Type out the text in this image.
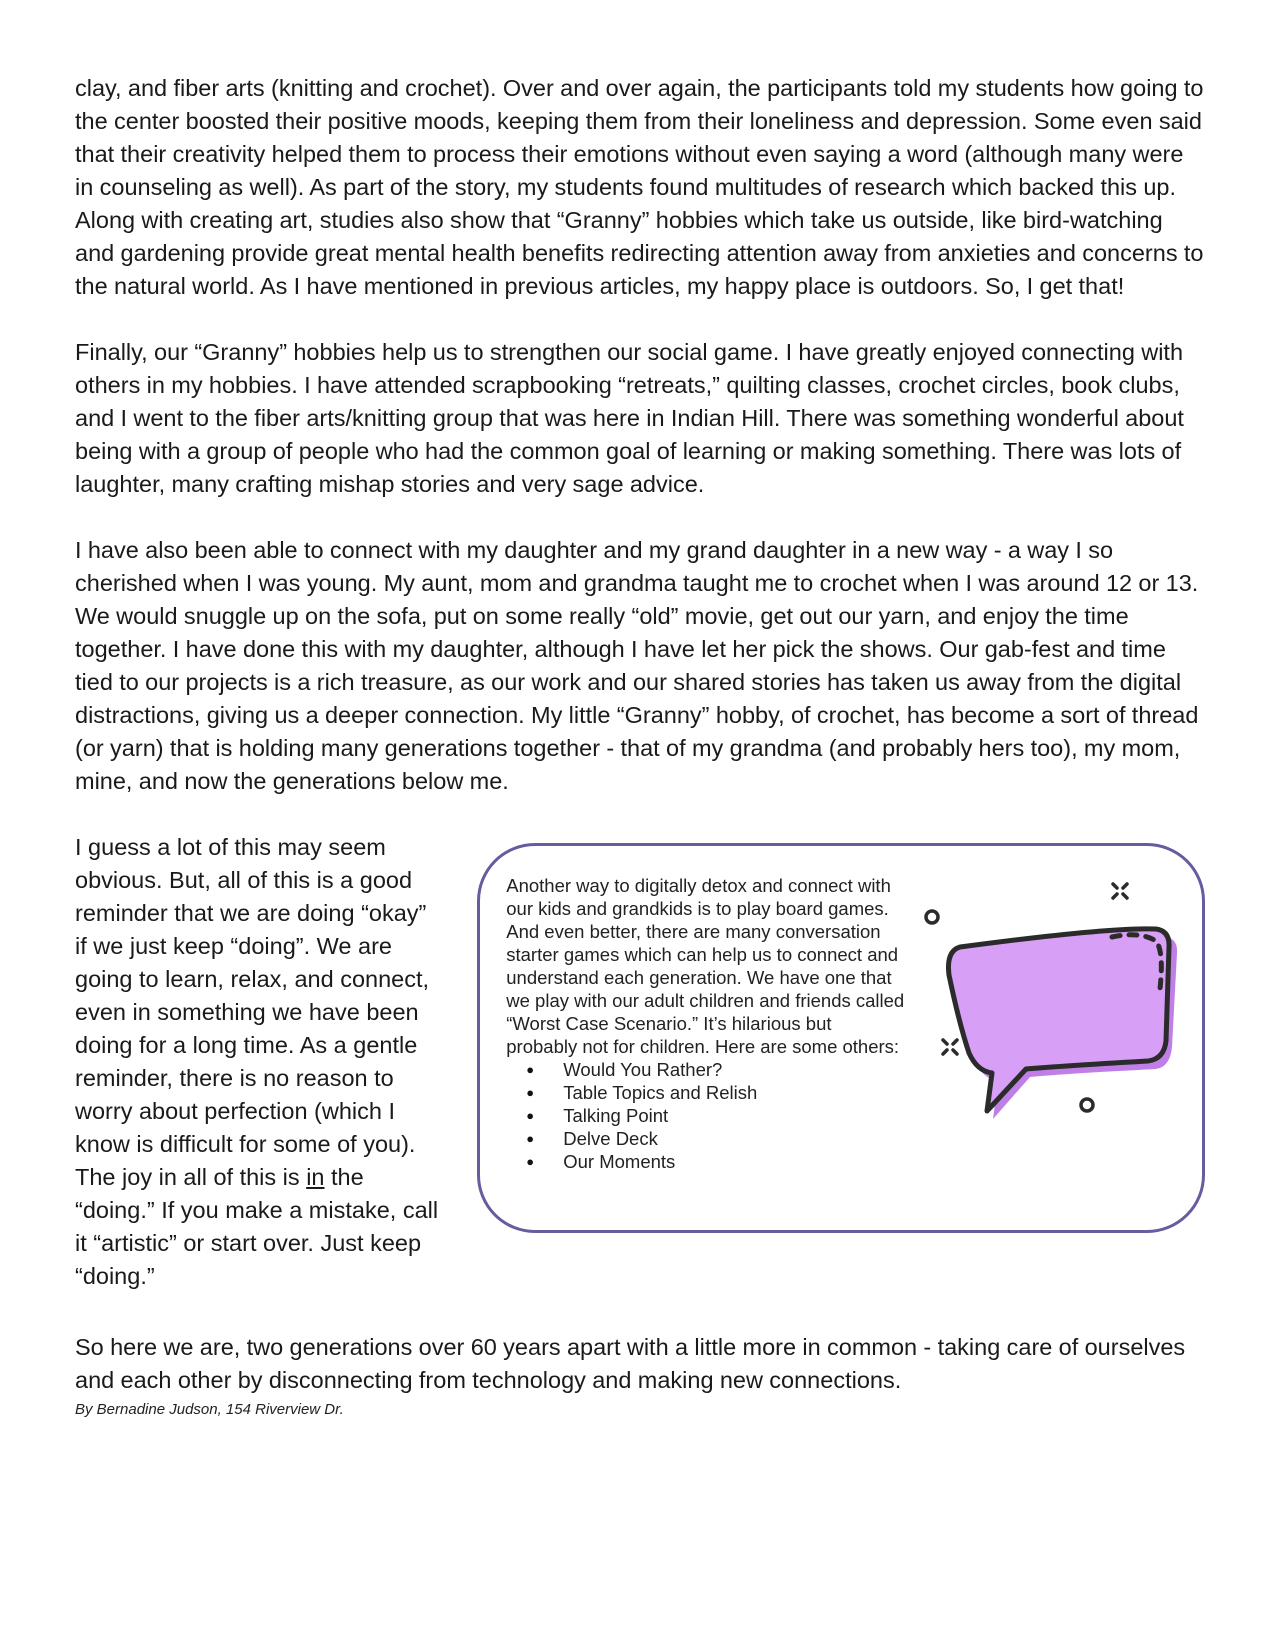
clay, and fiber arts (knitting and crochet). Over and over again, the participants told my students how going to the center boosted their positive moods, keeping them from their loneliness and depression. Some even said that their creativity helped them to process their emotions without even saying a word (although many were in counseling as well). As part of the story, my students found multitudes of research which backed this up. Along with creating art, studies also show that “Granny” hobbies which take us outside, like bird-watching and gardening provide great mental health benefits redirecting attention away from anxieties and concerns to the natural world. As I have mentioned in previous articles, my happy place is outdoors. So, I get that!

Finally, our “Granny” hobbies help us to strengthen our social game. I have greatly enjoyed connecting with others in my hobbies. I have attended scrapbooking “retreats,” quilting classes, crochet circles, book clubs, and I went to the fiber arts/knitting group that was here in Indian Hill. There was something wonderful about being with a group of people who had the common goal of learning or making something. There was lots of laughter, many crafting mishap stories and very sage advice.

I have also been able to connect with my daughter and my grand daughter in a new way - a way I so cherished when I was young. My aunt, mom and grandma taught me to crochet when I was around 12 or 13. We would snuggle up on the sofa, put on some really “old” movie, get out our yarn, and enjoy the time together. I have done this with my daughter, although I have let her pick the shows. Our gab-fest and time tied to our projects is a rich treasure, as our work and our shared stories has taken us away from the digital distractions, giving us a deeper connection. My little “Granny” hobby, of crochet, has become a sort of thread (or yarn) that is holding many generations together - that of my grandma (and probably hers too), my mom, mine, and now the generations below me.

I guess a lot of this may seem obvious. But, all of this is a good reminder that we are doing “okay” if we just keep “doing”. We are going to learn, relax, and connect, even in something we have been doing for a long time. As a gentle reminder, there is no reason to worry about perfection (which I know is difficult for some of you). The joy in all of this is in the “doing.” If you make a mistake, call it “artistic” or start over. Just keep “doing.”

Another way to digitally detox and connect with our kids and grandkids is to play board games. And even better, there are many conversation starter games which can help us to connect and understand each generation. We have one that we play with our adult children and friends called “Worst Case Scenario.” It’s hilarious but probably not for children. Here are some others:

● Would You Rather?
● Table Topics and Relish
● Talking Point
● Delve Deck
● Our Moments

So here we are, two generations over 60 years apart with a little more in common - taking care of ourselves and each other by disconnecting from technology and making new connections.

By Bernadine Judson, 154 Riverview Dr.
